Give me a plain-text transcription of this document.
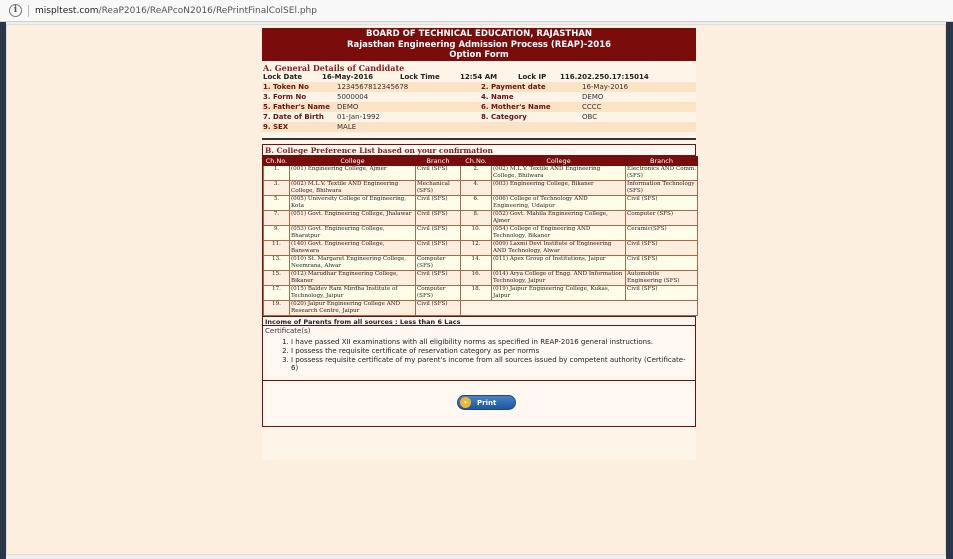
i	mispltest.com/ReaP2016/ReAPcoN2016/RePrintFinalColSEl.php
BOARD OF TECHNICAL EDUCATION, RAJASTHAN
Rajasthan Engineering Admission Process (REAP)-2016
Option Form
A. General Details of Candidate
Lock Date	16-May-2016	Lock Time	12:54 AM	Lock IP	116.202.250.17:15014
1. Token No	1234567812345678	2. Payment date	16-May-2016
3. Form No	5000004	4. Name	DEMO
5. Father's Name	DEMO	6. Mother's Name	CCCC
7. Date of Birth	01-Jan-1992	8. Category	OBC
9. SEX	MALE
B. College Preference List based on your confirmation
Ch.No.	College	Branch	Ch.No.	College	Branch
1.	(001) Engineering College, Ajmer	Civil (SFS)	2.	(002) M.L.V. Textile AND Engineering College, Bhilwara	Electronics AND Comm.(SFS)
3.	(002) M.L.V. Textile AND Engineering College, Bhilwara	Mechanical (SFS)	4.	(003) Engineering College, Bikaner	Information Technology (SFS)
5.	(005) University College of Engineering, Kota	Civil (SFS)	6.	(006) College of Technology AND Engineering, Udaipur	Civil (SFS)
7.	(051) Govt. Engineering College, Jhalawar	Civil (SFS)	8.	(052) Govt. Mahila Engineering College, Ajmer	Computer (SFS)
9.	(053) Govt. Engineering College, Bharatpur	Civil (SFS)	10.	(054) College of Engineering AND Technology, Bikaner	Ceramic(SFS)
11.	(140) Govt. Engineering College, Banswara	Civil (SFS)	12.	(009) Laxmi Devi Institute of Engineering AND Technology, Alwar	Civil (SFS)
13.	(010) St. Margaret Engineering College, Neemrana, Alwar	Computer (SFS)	14.	(011) Apex Group of Institutions, Jaipur	Civil (SFS)
15.	(012) Marudhar Engineering College, Bikaner	Civil (SFS)	16.	(014) Arya College of Engg. AND Information Technology, Jaipur	Automobile Engineering (SFS)
17.	(015) Baldev Ram Mirdha Institute of Technology, Jaipur	Computer (SFS)	18.	(019) Jaipur Engineering College, Kukas, Jaipur	Civil (SFS)
19.	(020) Jaipur Engineering College AND Research Centre, Jaipur	Civil (SFS)			
Income of Parents from all sources : Less than 6 Lacs
Certificate(s)
1. I have passed XII examinations with all eligibility norms as specified in REAP-2016 general instructions.
2. I possess the requisite certificate of reservation category as per norms
3. I possess requisite certificate of my parent's income from all sources issued by competent authority (Certificate-6)
•	Print
